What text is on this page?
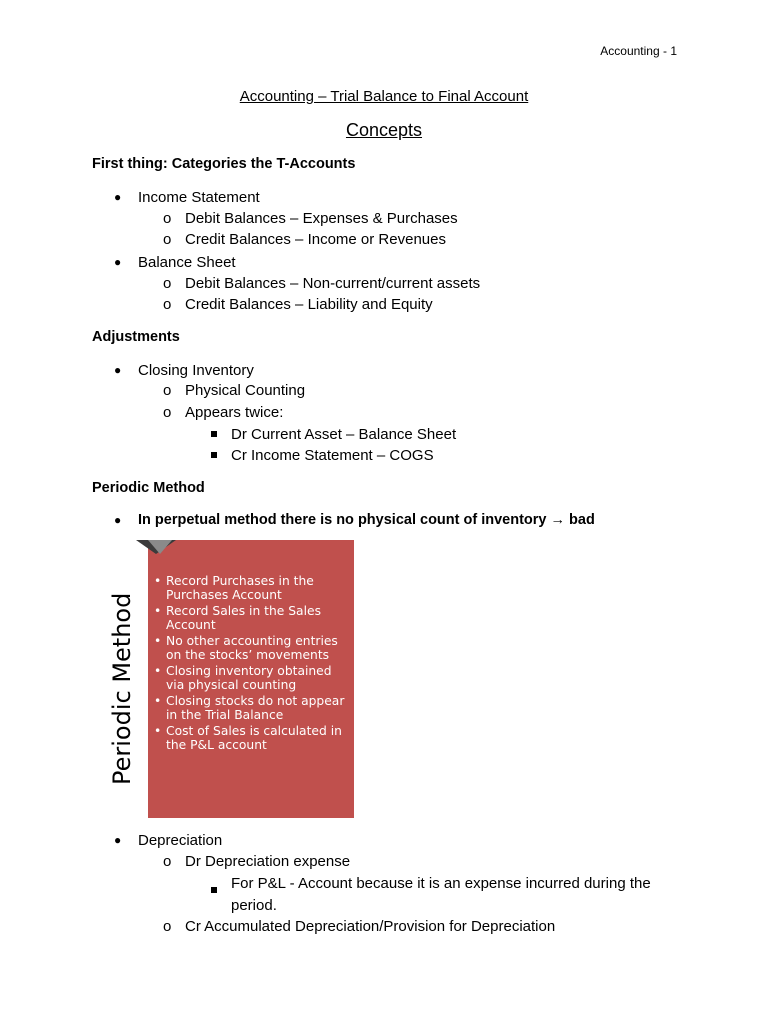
Accounting - 1
Accounting – Trial Balance to Final Account
Concepts
First thing: Categories the T-Accounts
● Income Statement
o Debit Balances – Expenses & Purchases
o Credit Balances – Income or Revenues
● Balance Sheet
o Debit Balances – Non-current/current assets
o Credit Balances – Liability and Equity
Adjustments
● Closing Inventory
o Physical Counting
o Appears twice:
Dr Current Asset – Balance Sheet
Cr Income Statement – COGS
Periodic Method
● In perpetual method there is no physical count of inventory → bad
Periodic Method
• Record Purchases in the Purchases Account
• Record Sales in the Sales Account
• No other accounting entries on the stocks’ movements
• Closing inventory obtained via physical counting
• Closing stocks do not appear in the Trial Balance
• Cost of Sales is calculated in the P&L account
● Depreciation
o Dr Depreciation expense
For P&L - Account because it is an expense incurred during the period.
o Cr Accumulated Depreciation/Provision for Depreciation
